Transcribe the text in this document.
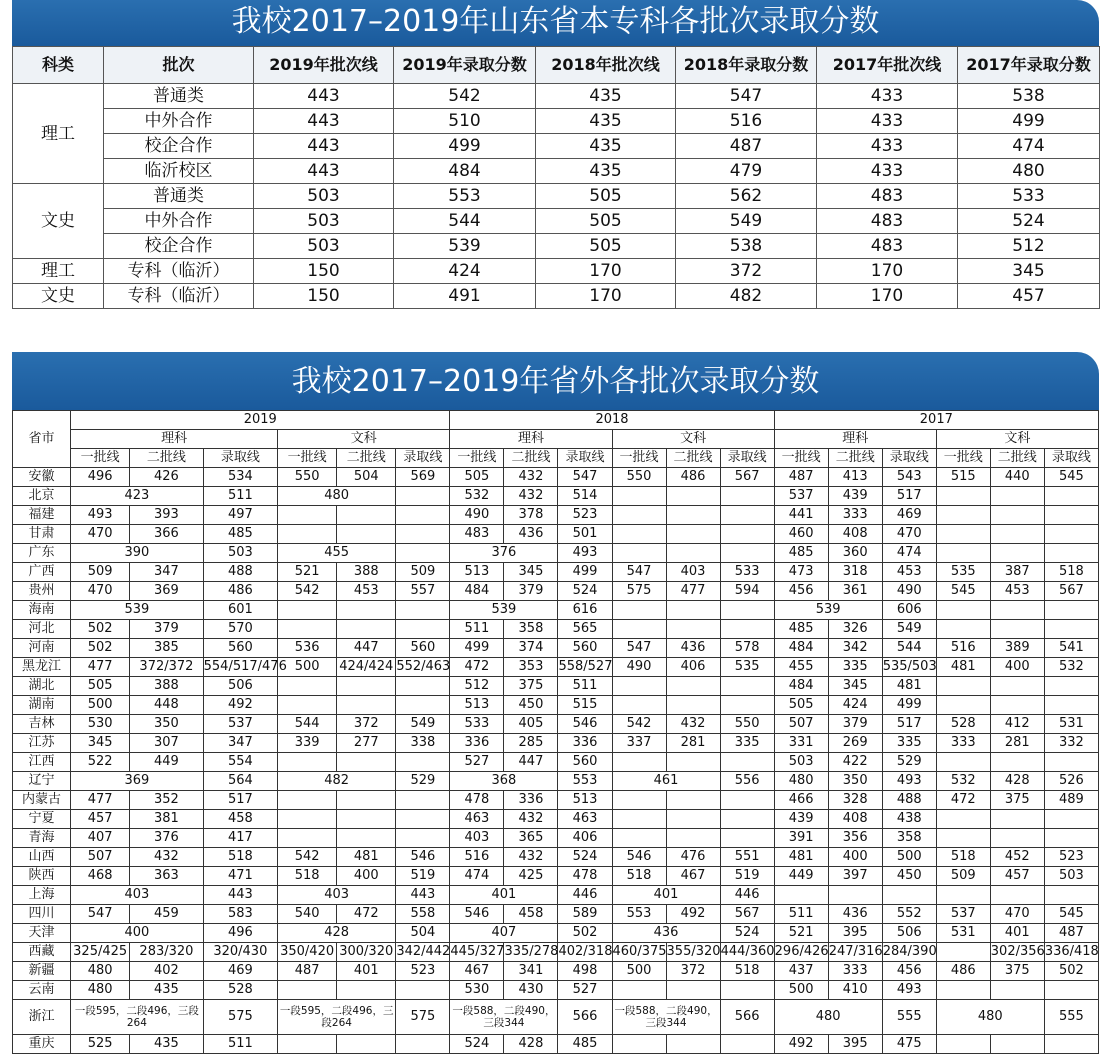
我校2017–2019年山东省本专科各批次录取分数
科类	批次	2019年批次线	2019年录取分数	2018年批次线	2018年录取分数	2017年批次线	2017年录取分数
理工	普通类	443	542	435	547	433	538
	中外合作	443	510	435	516	433	499
	校企合作	443	499	435	487	433	474
	临沂校区	443	484	435	479	433	480
文史	普通类	503	553	505	562	483	533
	中外合作	503	544	505	549	483	524
	校企合作	503	539	505	538	483	512
理工	专科（临沂）	150	424	170	372	170	345
文史	专科（临沂）	150	491	170	482	170	457
我校2017–2019年省外各批次录取分数
省市	2019						2018						2017					
	理科			文科			理科			文科			理科			文科		
	一批线	二批线	录取线	一批线	二批线	录取线	一批线	二批线	录取线	一批线	二批线	录取线	一批线	二批线	录取线	一批线	二批线	录取线
安徽	496	426	534	550	504	569	505	432	547	550	486	567	487	413	543	515	440	545
北京	423		511	480			532	432	514				537	439	517			
福建	493	393	497				490	378	523				441	333	469			
甘肃	470	366	485				483	436	501				460	408	470			
广东	390		503	455			376		493				485	360	474			
广西	509	347	488	521	388	509	513	345	499	547	403	533	473	318	453	535	387	518
贵州	470	369	486	542	453	557	484	379	524	575	477	594	456	361	490	545	453	567
海南	539		601				539		616				539		606			
河北	502	379	570				511	358	565				485	326	549			
河南	502	385	560	536	447	560	499	374	560	547	436	578	484	342	544	516	389	541
黑龙江	477	372/372	554/517/476	500	424/424	552/463	472	353	558/527	490	406	535	455	335	535/503	481	400	532
湖北	505	388	506				512	375	511				484	345	481			
湖南	500	448	492				513	450	515				505	424	499			
吉林	530	350	537	544	372	549	533	405	546	542	432	550	507	379	517	528	412	531
江苏	345	307	347	339	277	338	336	285	336	337	281	335	331	269	335	333	281	332
江西	522	449	554				527	447	560				503	422	529			
辽宁	369		564	482		529	368		553	461		556	480	350	493	532	428	526
内蒙古	477	352	517				478	336	513				466	328	488	472	375	489
宁夏	457	381	458				463	432	463				439	408	438			
青海	407	376	417				403	365	406				391	356	358			
山西	507	432	518	542	481	546	516	432	524	546	476	551	481	400	500	518	452	523
陕西	468	363	471	518	400	519	474	425	478	518	467	519	449	397	450	509	457	503
上海	403		443	403		443	401		446	401		446						
四川	547	459	583	540	472	558	546	458	589	553	492	567	511	436	552	537	470	545
天津	400		496	428		504	407		502	436		524	521	395	506	531	401	487
西藏	325/425	283/320	320/430	350/420	300/320	342/442	445/327	335/278	402/318	460/375	355/320	444/360	296/426	247/316	284/390		302/356	336/418
新疆	480	402	469	487	401	523	467	341	498	500	372	518	437	333	456	486	375	502
云南	480	435	528				530	430	527				500	410	493			
浙江	一段595，二段496，三段264		575	一段595，二段496，三段264		575	一段588，二段490，三段344		566	一段588，二段490，三段344		566	480		555	480		555
重庆	525	435	511				524	428	485				492	395	475			
